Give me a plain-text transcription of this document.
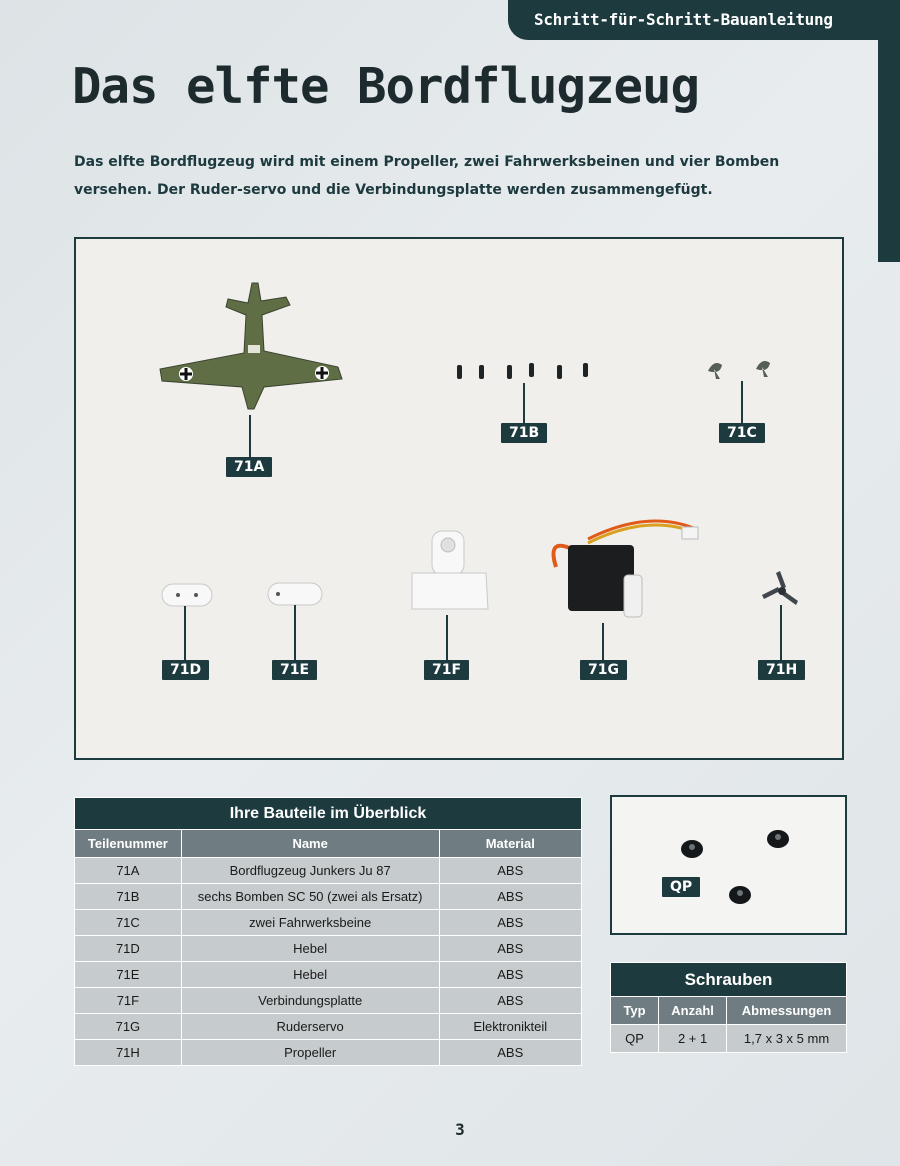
Schritt-für-Schritt-Bauanleitung
Das elfte Bordflugzeug

Das elfte Bordflugzeug wird mit einem Propeller, zwei Fahrwerksbeinen und vier Bomben versehen. Der Ruder-servo und die Verbindungsplatte werden zusammengefügt.

71A
71B	71C
71D	71E	71F	71G	71H
Ihre Bauteile im Überblick		
Teilenummer	Name	Material
71A	Bordflugzeug Junkers Ju 87	ABS
71B	sechs Bomben SC 50 (zwei als Ersatz)	ABS
71C	zwei Fahrwerksbeine	ABS
71D	Hebel	ABS
71E	Hebel	ABS
71F	Verbindungsplatte	ABS
71G	Ruderservo	Elektronikteil
71H	Propeller	ABS
QP
Schrauben		
Typ	Anzahl	Abmessungen
QP	2 + 1	1,7 x 3 x 5 mm
3
